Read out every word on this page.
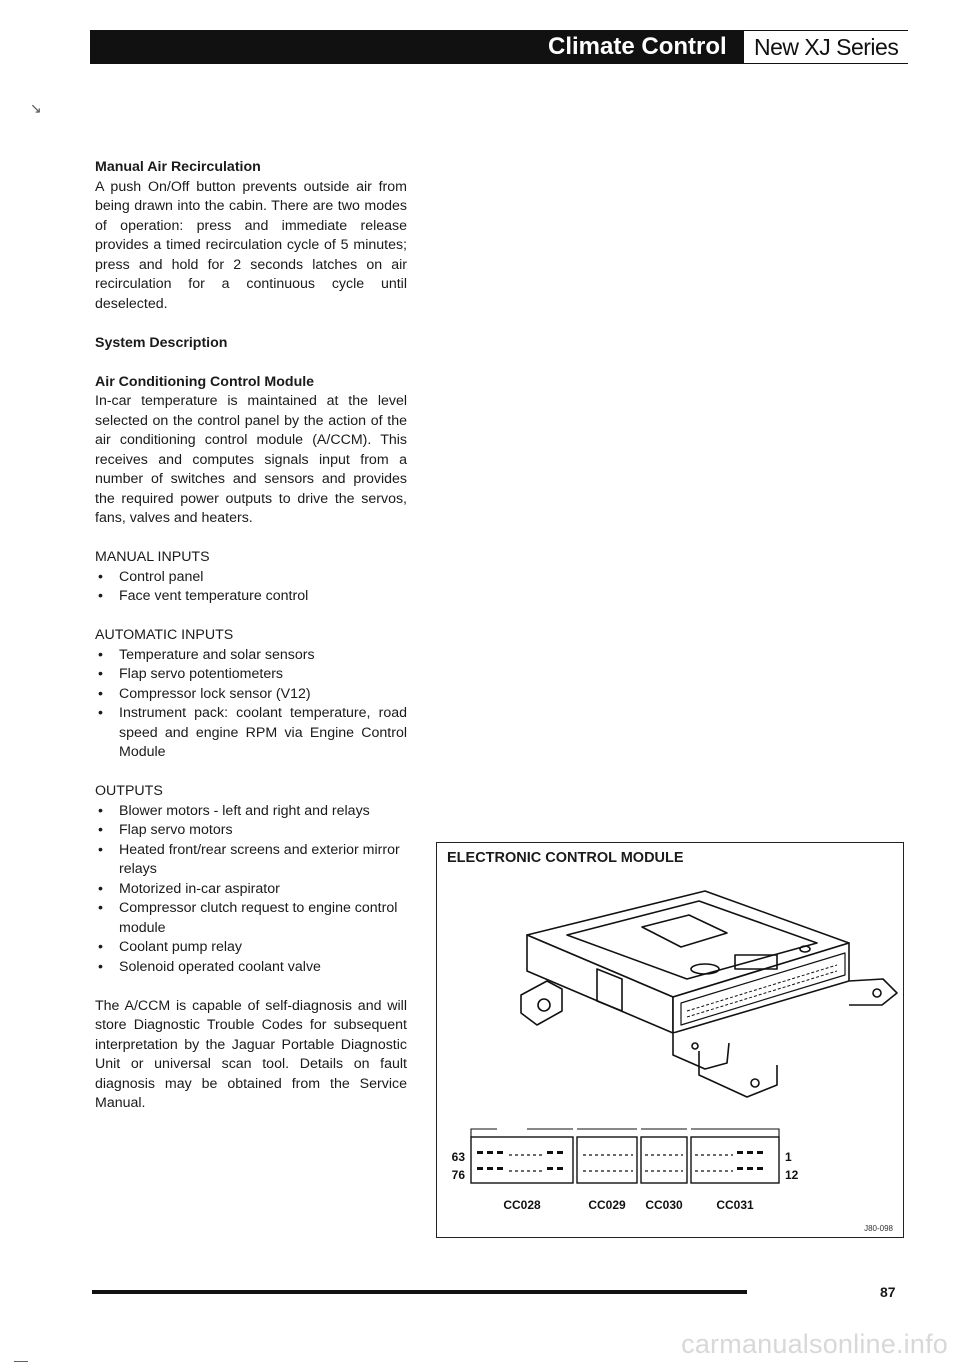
Climate Control	New XJ Series
↘

Manual Air Recirculation

A push On/Off button prevents outside air from being drawn into the cabin. There are two modes of operation: press and immediate release provides a timed recirculation cycle of 5 minutes; press and hold for 2 seconds latches on air recirculation for a continuous cycle until deselected.

System Description

Air Conditioning Control Module

In-car temperature is maintained at the level selected on the control panel by the action of the air conditioning control module (A/CCM). This receives and computes signals input from a number of switches and sensors and provides the required power outputs to drive the servos, fans, valves and heaters.

MANUAL INPUTS

• Control panel
• Face vent temperature control

AUTOMATIC INPUTS

• Temperature and solar sensors
• Flap servo potentiometers
• Compressor lock sensor (V12)
• Instrument pack: coolant temperature, road speed and engine RPM via Engine Control Module

OUTPUTS

• Blower motors - left and right and relays
• Flap servo motors
• Heated front/rear screens and exterior mirror relays
• Motorized in-car aspirator
• Compressor clutch request to engine control module
• Coolant pump relay
• Solenoid operated coolant valve

The A/CCM is capable of self-diagnosis and will store Diagnostic Trouble Codes for subsequent interpretation by the Jaguar Portable Diagnostic Unit or universal scan tool. Details on fault diagnosis may be obtained from the Service Manual.

63
76
1
12
CC028	CC029 CC030	CC031
ELECTRONIC CONTROL MODULE
J80-098
87
—
carmanualsonline.info
